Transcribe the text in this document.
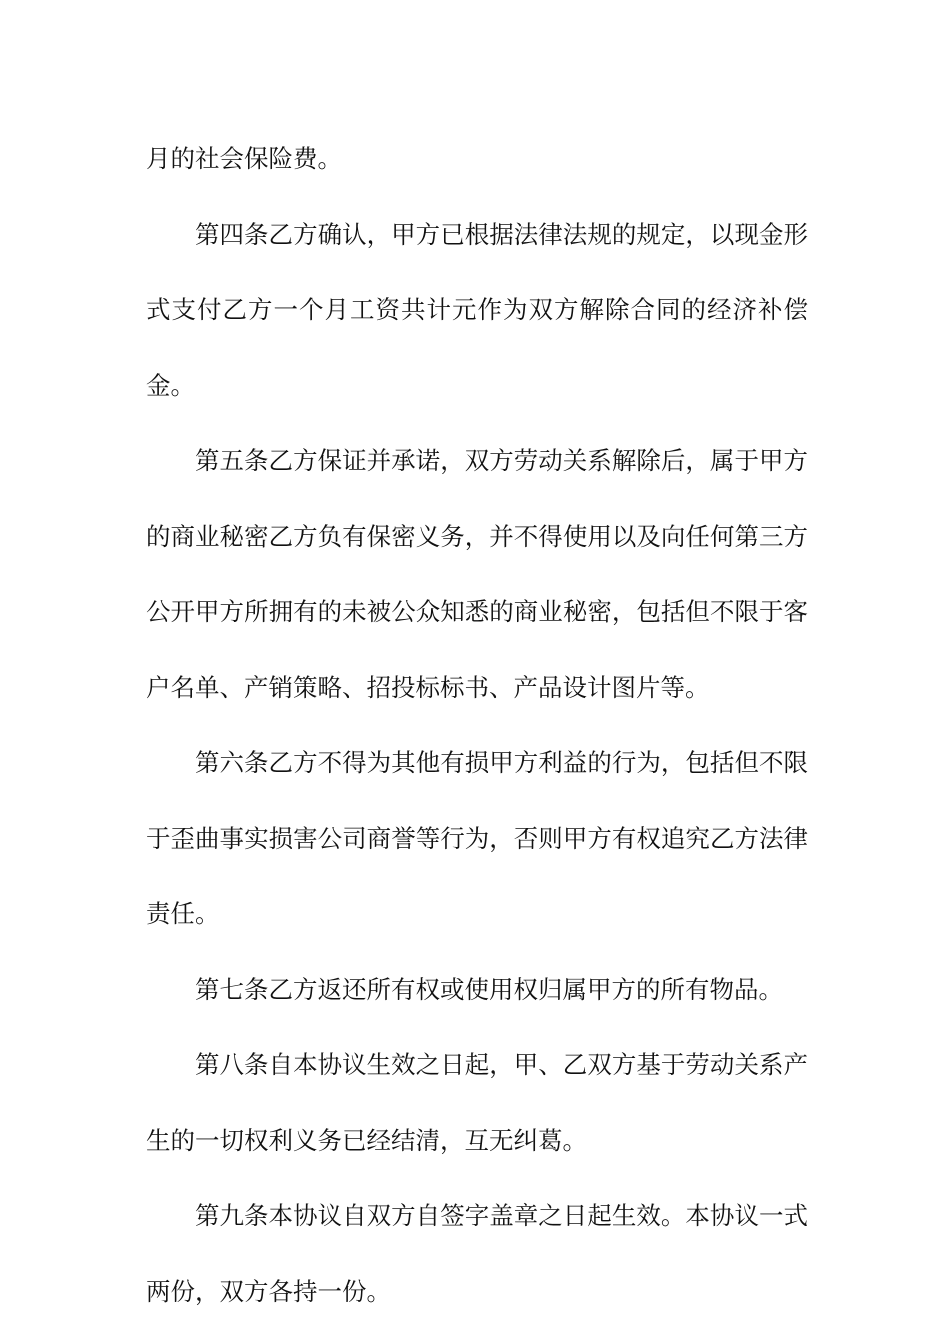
月的社会保险费。

第四条乙方确认，甲方已根据法律法规的规定，以现金形式支付乙方一个月工资共计元作为双方解除合同的经济补偿金。

第五条乙方保证并承诺，双方劳动关系解除后，属于甲方的商业秘密乙方负有保密义务，并不得使用以及向任何第三方公开甲方所拥有的未被公众知悉的商业秘密，包括但不限于客户名单、产销策略、招投标标书、产品设计图片等。

第六条乙方不得为其他有损甲方利益的行为，包括但不限于歪曲事实损害公司商誉等行为，否则甲方有权追究乙方法律责任。

第七条乙方返还所有权或使用权归属甲方的所有物品。

第八条自本协议生效之日起，甲、乙双方基于劳动关系产生的一切权利义务已经结清，互无纠葛。

第九条本协议自双方自签字盖章之日起生效。本协议一式两份，双方各持一份。
